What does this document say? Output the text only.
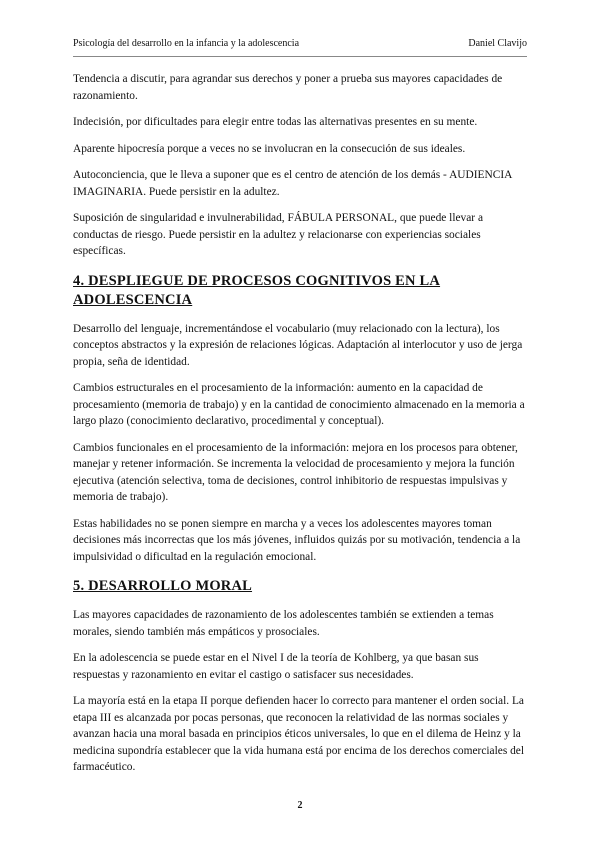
Psicología del desarrollo en la infancia y la adolescencia	Daniel Clavijo

Tendencia a discutir, para agrandar sus derechos y poner a prueba sus mayores capacidades de razonamiento.

Indecisión, por dificultades para elegir entre todas las alternativas presentes en su mente.

Aparente hipocresía porque a veces no se involucran en la consecución de sus ideales.

Autoconciencia, que le lleva a suponer que es el centro de atención de los demás - AUDIENCIA IMAGINARIA. Puede persistir en la adultez.

Suposición de singularidad e invulnerabilidad, FÁBULA PERSONAL, que puede llevar a conductas de riesgo. Puede persistir en la adultez y relacionarse con experiencias sociales específicas.

4. DESPLIEGUE DE PROCESOS COGNITIVOS EN LA ADOLESCENCIA

Desarrollo del lenguaje, incrementándose el vocabulario (muy relacionado con la lectura), los conceptos abstractos y la expresión de relaciones lógicas. Adaptación al interlocutor y uso de jerga propia, seña de identidad.

Cambios estructurales en el procesamiento de la información: aumento en la capacidad de procesamiento (memoria de trabajo) y en la cantidad de conocimiento almacenado en la memoria a largo plazo (conocimiento declarativo, procedimental y conceptual).

Cambios funcionales en el procesamiento de la información: mejora en los procesos para obtener, manejar y retener información. Se incrementa la velocidad de procesamiento y mejora la función ejecutiva (atención selectiva, toma de decisiones, control inhibitorio de respuestas impulsivas y memoria de trabajo).

Estas habilidades no se ponen siempre en marcha y a veces los adolescentes mayores toman decisiones más incorrectas que los más jóvenes, influidos quizás por su motivación, tendencia a la impulsividad o dificultad en la regulación emocional.

5. DESARROLLO MORAL

Las mayores capacidades de razonamiento de los adolescentes también se extienden a temas morales, siendo también más empáticos y prosociales.

En la adolescencia se puede estar en el Nivel I de la teoría de Kohlberg, ya que basan sus respuestas y razonamiento en evitar el castigo o satisfacer sus necesidades.

La mayoría está en la etapa II porque defienden hacer lo correcto para mantener el orden social. La etapa III es alcanzada por pocas personas, que reconocen la relatividad de las normas sociales y avanzan hacia una moral basada en principios éticos universales, lo que en el dilema de Heinz y la medicina supondría establecer que la vida humana está por encima de los derechos comerciales del farmacéutico.

2
